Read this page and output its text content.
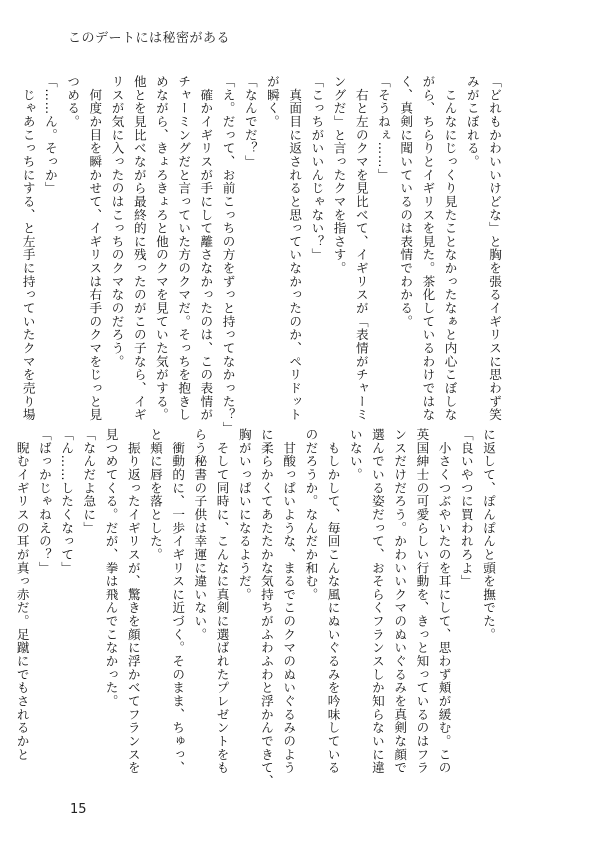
このデートには秘密がある
「どれもかわいいけどな」と胸を張るイギリスに思わず笑
みがこぼれる。
　こんなにじっくり見たことなかったなぁと内心こぼしな
がら、ちらりとイギリスを見た。茶化しているわけではな
く、真剣に聞いているのは表情でわかる。
「そうねぇ……」
　右と左のクマを見比べて、イギリスが「表情がチャーミ
ングだ」と言ったクマを指さす。
「こっちがいいんじゃない？」
　真面目に返されると思っていなかったのか、ペリドット
が瞬く。
「なんでだ？」
「え。だって、お前こっちの方をずっと持ってなかった？」
　確かイギリスが手にして離さなかったのは、この表情が
チャーミングだと言っていた方のクマだ。そっちを抱きし
めながら、きょろきょろと他のクマを見ていた気がする。
他とを見比べながら最終的に残ったのがこの子なら、イギ
リスが気に入ったのはこっちのクマなのだろう。
　何度か目を瞬かせて、イギリスは右手のクマをじっと見
つめる。
「……ん。そっか」
　じゃあこっちにする、と左手に持っていたクマを売り場
に返して、ぽんぽんと頭を撫でた。
「良いやつに買われろよ」
　小さくつぶやいたのを耳にして、思わず頬が緩む。この
英国紳士の可愛らしい行動を、きっと知っているのはフラ
ンスだけだろう。かわいいクマのぬいぐるみを真剣な顔で
選んでいる姿だって、おそらくフランスしか知らないに違
いない。
　もしかして、毎回こんな風にぬいぐるみを吟味している
のだろうか。なんだか和む。
　甘酸っぱいような、まるでこのクマのぬいぐるみのよう
に柔らかくてあたたかな気持ちがふわふわと浮かんできて、
胸がいっぱいになるようだ。
　そして同時に、こんなに真剣に選ばれたプレゼントをも
らう秘書の子供は幸運に違いない。
　衝動的に、一歩イギリスに近づく。そのまま、ちゅっ、
と頬に唇を落とした。
　振り返ったイギリスが、驚きを顔に浮かべてフランスを
見つめてくる。だが、拳は飛んでこなかった。
「なんだよ急に」
「ん……したくなって」
「ばっかじゃねえの？」
　睨むイギリスの耳が真っ赤だ。足蹴にでもされるかと
15
